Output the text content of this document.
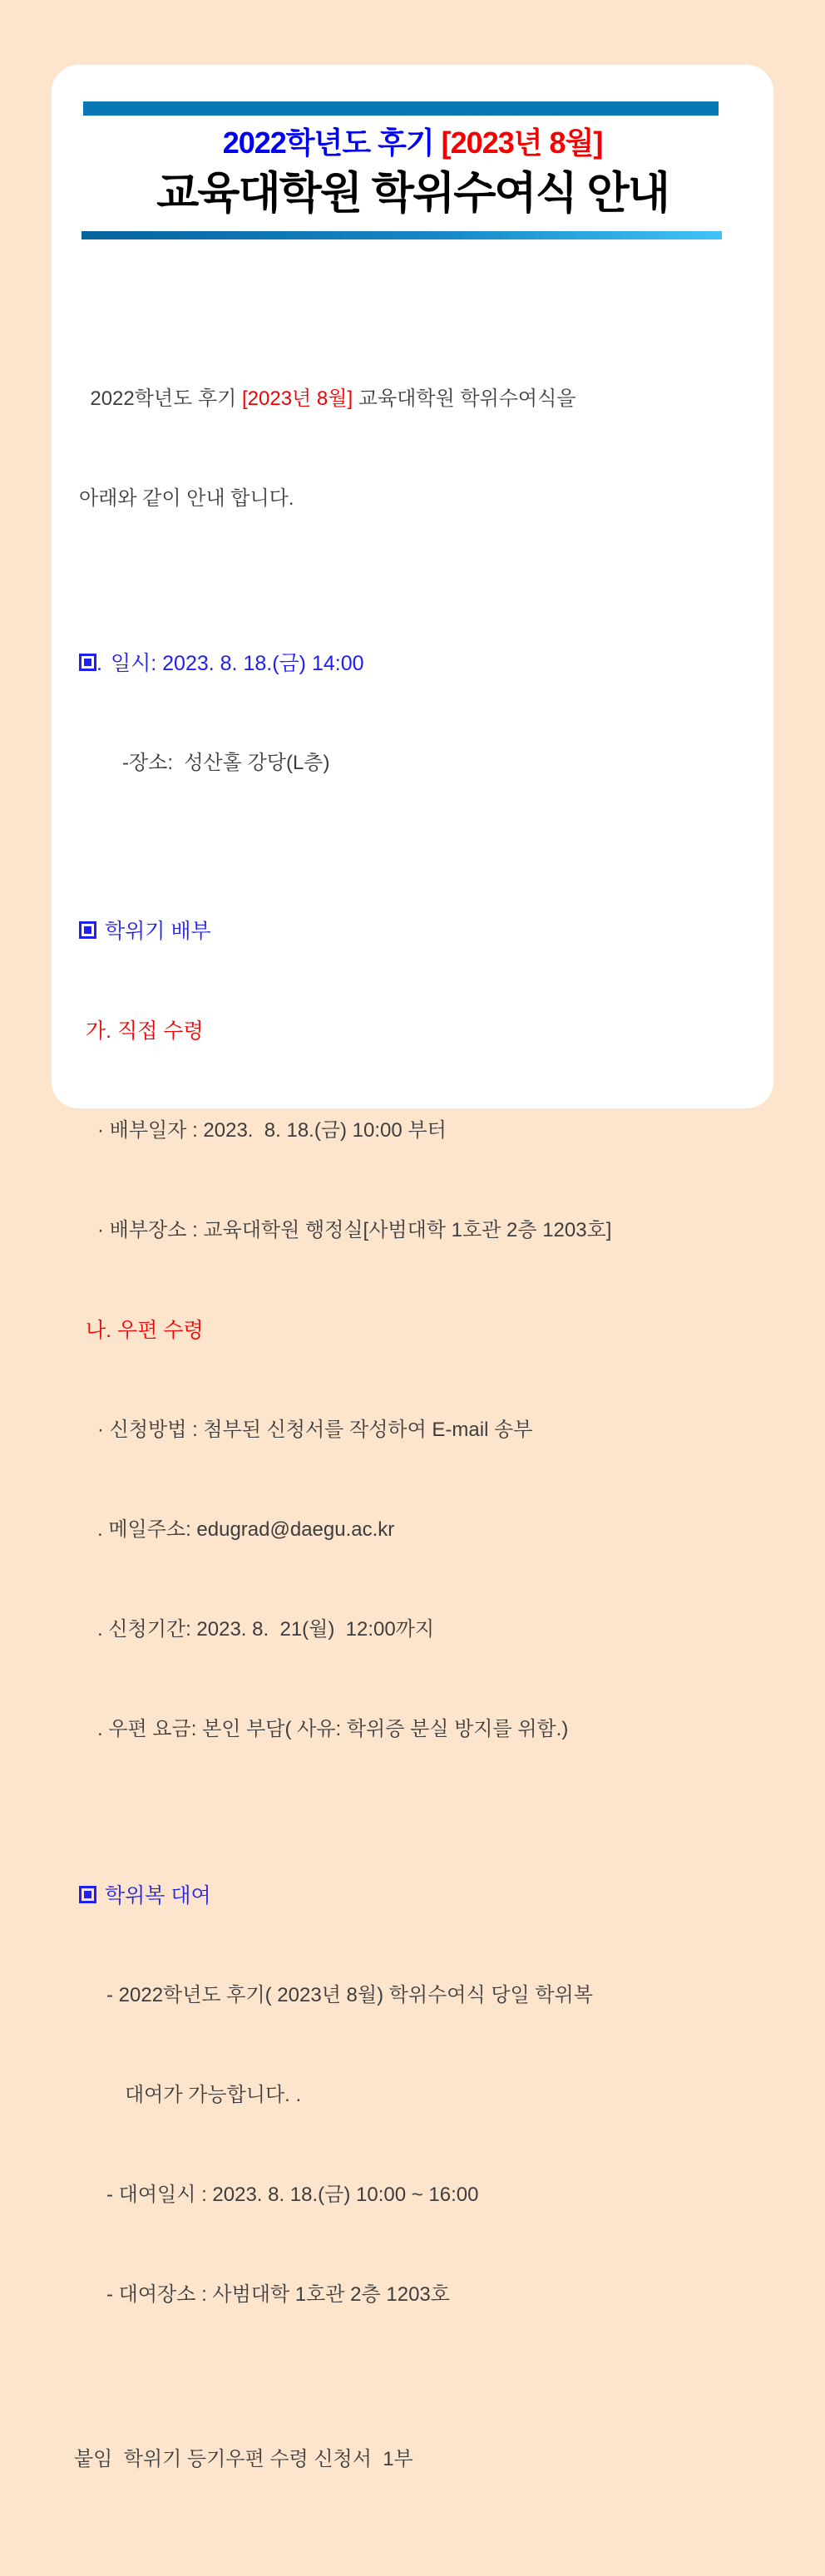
2022학년도 후기 [2023년 8월]
교육대학원 학위수여식 안내

2022학년도 후기 [2023년 8월] 교육대학원 학위수여식을

아래와 같이 안내 합니다.

. 일시: 2023. 8. 18.(금) 14:00

-장소:  성산홀 강당(L층)

학위기 배부

가. 직접 수령

· 배부일자 : 2023.  8. 18.(금) 10:00 부터

· 배부장소 : 교육대학원 행정실[사범대학 1호관 2층 1203호]

나. 우편 수령

· 신청방법 : 첨부된 신청서를 작성하여 E-mail 송부

. 메일주소: edugrad@daegu.ac.kr

. 신청기간: 2023. 8.  21(월)  12:00까지

. 우편 요금: 본인 부담( 사유: 학위증 분실 방지를 위함.)

학위복 대여

- 2022학년도 후기( 2023년 8월) 학위수여식 당일 학위복

대여가 가능합니다. .

- 대여일시 : 2023. 8. 18.(금) 10:00 ~ 16:00

- 대여장소 : 사범대학 1호관 2층 1203호

붙임  학위기 등기우편 수령 신청서  1부
